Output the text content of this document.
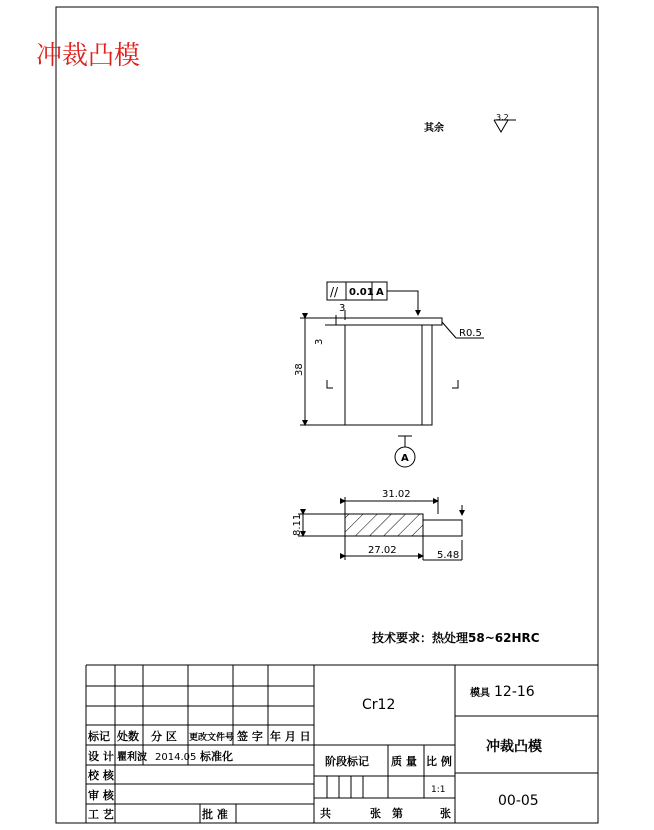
冲裁凸模
其余
3.2
// 0.01 A
3
3
38
R0.5
A
31.02
27.02
8.11
5.48
技术要求：热处理58~62HRC
Cr12
模具 12-16
冲裁凸模
00-05
1:1
标记 处数 分 区 更改文件号 签 字 年 月 日
设 计 瞿利波 2014.05 标准化
校 核
审 核
工 艺	批 准
阶段标记 质 量 比 例
共	张 第	张
